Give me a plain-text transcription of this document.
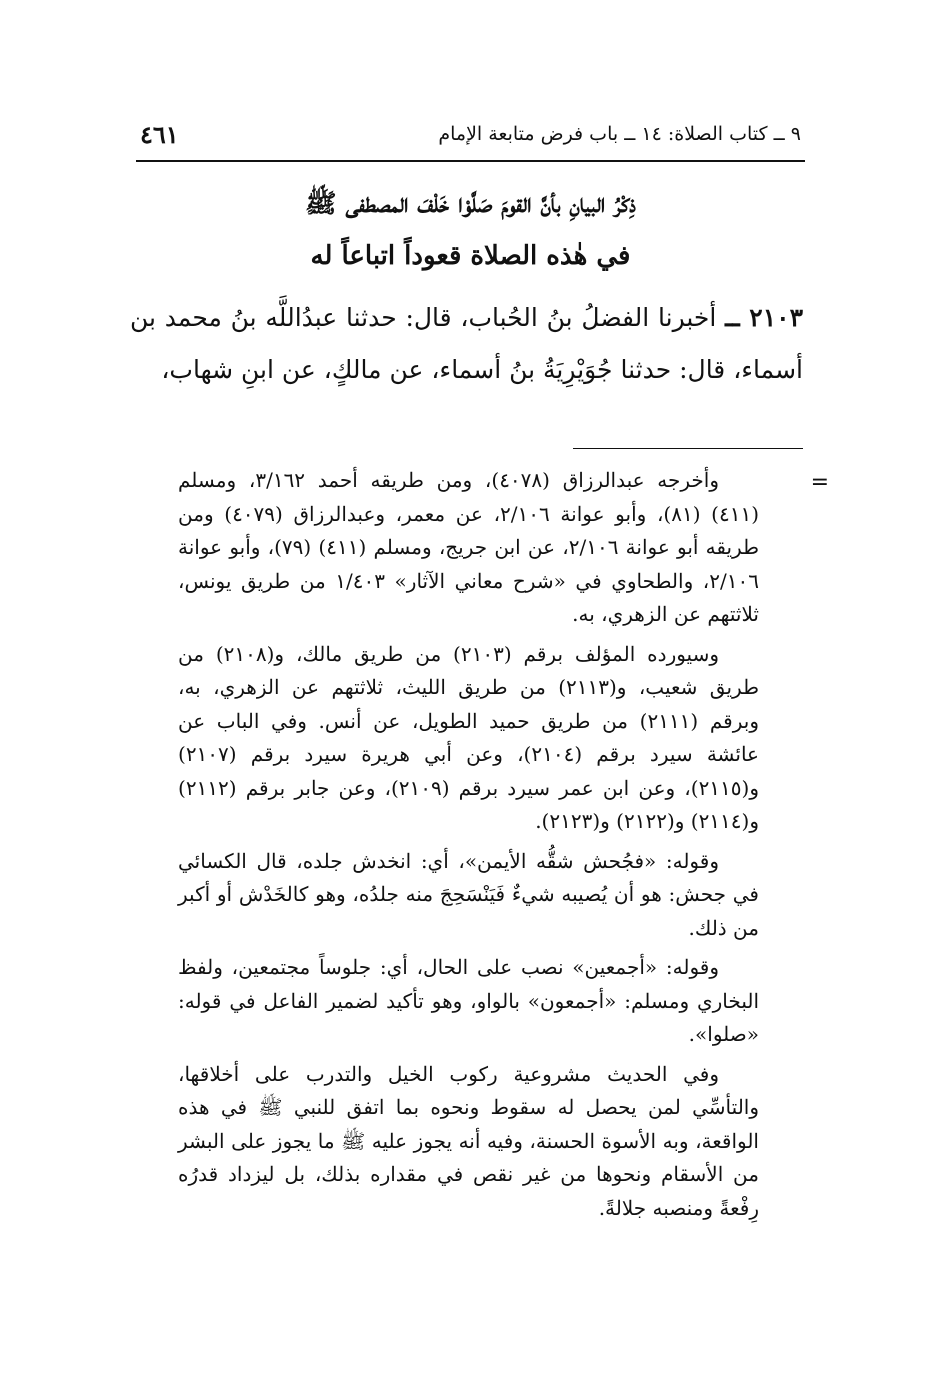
٩ ــ كتاب الصلاة: ١٤ ــ باب فرض متابعة الإمام
٤٦١
ذِكْرُ البيانِ بأنَّ القومَ صَلَّوْا خَلْفَ المصطفى ﷺ
في هٰذه الصلاة قعوداً اتباعاً له
٢١٠٣ ــ أخبرنا الفضلُ بنُ الحُباب، قال: حدثنا عبدُاللَّه بنُ محمد بن أسماء، قال: حدثنا جُوَيْرِيَةُ بنُ أسماء، عن مالكٍ، عن ابنِ شهاب،
=

وأخرجه عبدالرزاق (٤٠٧٨)، ومن طريقه أحمد ٣/١٦٢، ومسلم (٤١١) (٨١)، وأبو عوانة ٢/١٠٦، عن معمر، وعبدالرزاق (٤٠٧٩) ومن طريقه أبو عوانة ٢/١٠٦، عن ابن جريج، ومسلم (٤١١) (٧٩)، وأبو عوانة ٢/١٠٦، والطحاوي في «شرح معاني الآثار» ١/٤٠٣ من طريق يونس، ثلاثتهم عن الزهري، به.

وسيورده المؤلف برقم (٢١٠٣) من طريق مالك، و(٢١٠٨) من طريق شعيب، و(٢١١٣) من طريق الليث، ثلاثتهم عن الزهري، به، وبرقم (٢١١١) من طريق حميد الطويل، عن أنس. وفي الباب عن عائشة سيرد برقم (٢١٠٤)، وعن أبي هريرة سيرد برقم (٢١٠٧) و(٢١١٥)، وعن ابن عمر سيرد برقم (٢١٠٩)، وعن جابر برقم (٢١١٢) و(٢١١٤) و(٢١٢٢) و(٢١٢٣).

وقوله: «فجُحش شقُّه الأيمن»، أي: انخدش جلده، قال الكسائي في جحش: هو أن يُصيبه شيءٌ فَيَنْسَحِجَ منه جلدُه، وهو كالخَدْش أو أكبر من ذلك.

وقوله: «أجمعين» نصب على الحال، أي: جلوساً مجتمعين، ولفظ البخاري ومسلم: «أجمعون» بالواو، وهو تأكيد لضمير الفاعل في قوله: «صلوا».

وفي الحديث مشروعية ركوب الخيل والتدرب على أخلاقها، والتأسِّي لمن يحصل له سقوط ونحوه بما اتفق للنبي ﷺ في هذه الواقعة، وبه الأسوة الحسنة، وفيه أنه يجوز عليه ﷺ ما يجوز على البشر من الأسقام ونحوها من غير نقص في مقداره بذلك، بل ليزداد قدرُه رِفْعةً ومنصبه جلالةً.
